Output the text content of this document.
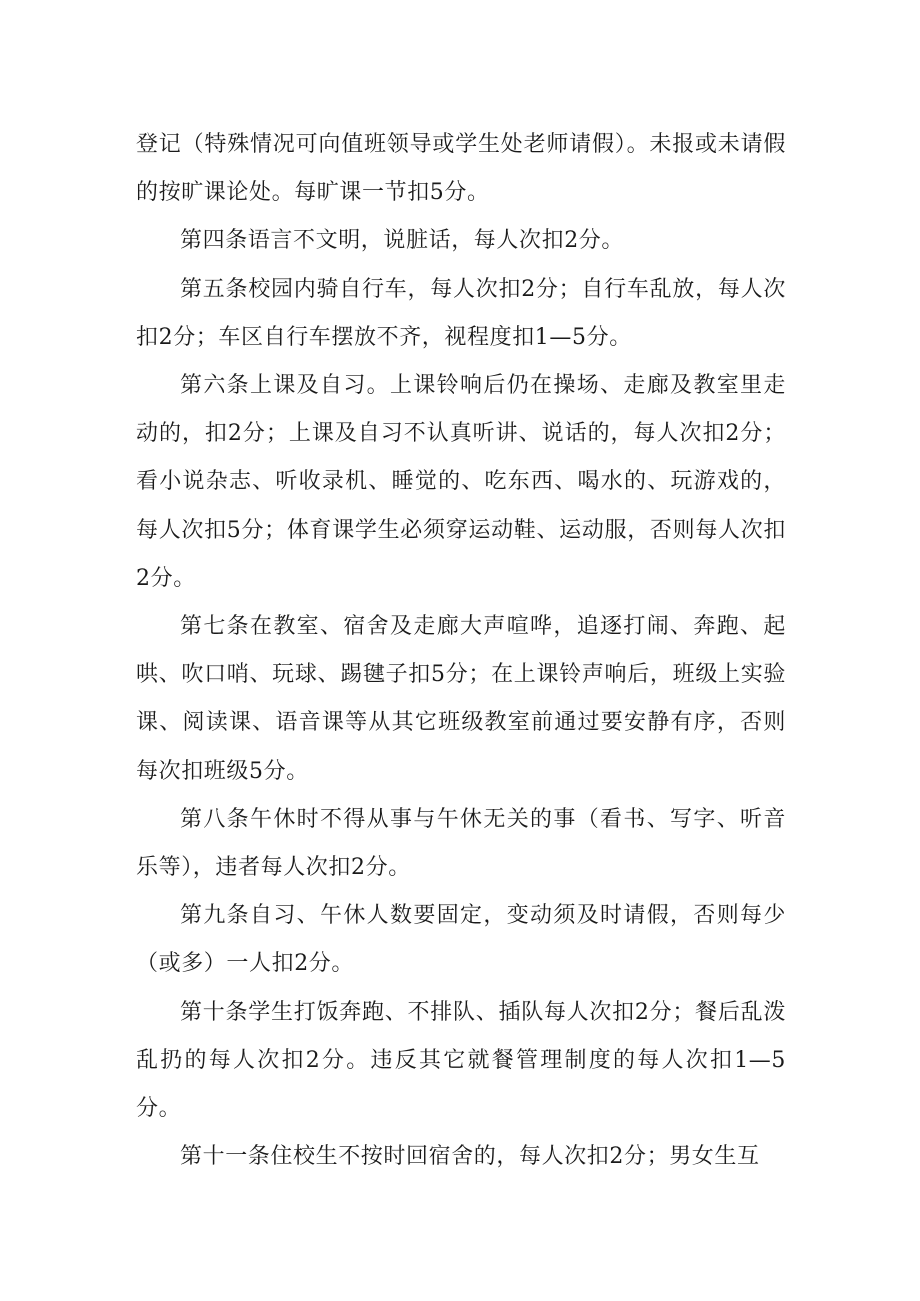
登记（特殊情况可向值班领导或学生处老师请假）。未报或未请假的按旷课论处。每旷课一节扣5分。

第四条语言不文明，说脏话，每人次扣2分。

第五条校园内骑自行车，每人次扣2分；自行车乱放，每人次扣2分；车区自行车摆放不齐，视程度扣1—5分。

第六条上课及自习。上课铃响后仍在操场、走廊及教室里走动的，扣2分；上课及自习不认真听讲、说话的，每人次扣2分；看小说杂志、听收录机、睡觉的、吃东西、喝水的、玩游戏的，每人次扣5分；体育课学生必须穿运动鞋、运动服，否则每人次扣2分。

第七条在教室、宿舍及走廊大声喧哗，追逐打闹、奔跑、起哄、吹口哨、玩球、踢毽子扣5分；在上课铃声响后，班级上实验课、阅读课、语音课等从其它班级教室前通过要安静有序，否则每次扣班级5分。

第八条午休时不得从事与午休无关的事（看书、写字、听音乐等），违者每人次扣2分。

第九条自习、午休人数要固定，变动须及时请假，否则每少（或多）一人扣2分。

第十条学生打饭奔跑、不排队、插队每人次扣2分；餐后乱泼乱扔的每人次扣2分。违反其它就餐管理制度的每人次扣1—5分。

第十一条住校生不按时回宿舍的，每人次扣2分；男女生互
